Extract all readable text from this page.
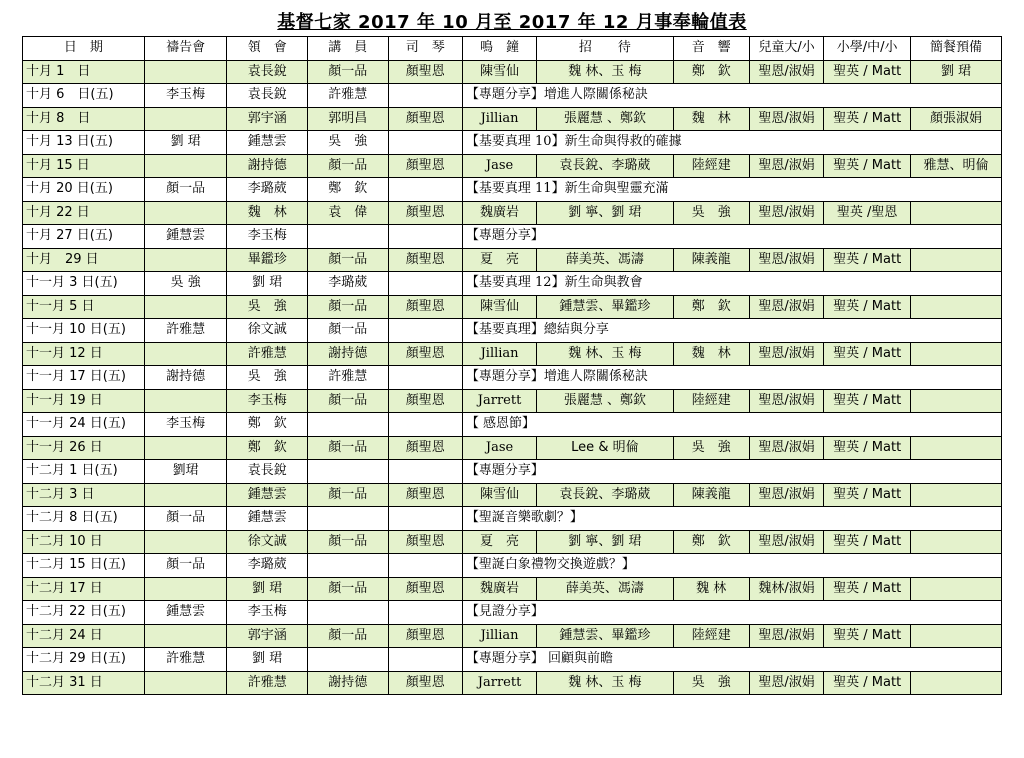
基督七家 2017 年 10 月至 2017 年 12 月事奉輪值表
日　期	禱告會	領　會	講　員	司　琴	鳴　鐘	招　　待	音　響	兒童大/小	小學/中/小	簡餐預備
十月 1　日		袁長銳	顏一品	顏聖恩	陳雪仙	魏 林、玉 梅	鄭　欽	聖恩/淑娟	聖英 / Matt	劉 珺
十月 6　日(五)	李玉梅	袁長銳	許雅慧		【專題分享】增進人際關係秘訣					
十月 8　日		郭宇涵	郭明昌	顏聖恩	Jillian	張麗慧 、鄭欽	魏　林	聖恩/淑娟	聖英 / Matt	顏張淑娟
十月 13 日(五)	劉 珺	鍾慧雲	吳　強		【基要真理 10】新生命與得救的確據					
十月 15 日		謝持德	顏一品	顏聖恩	Jase	袁長銳、李璐葳	陸經建	聖恩/淑娟	聖英 / Matt	雅慧、明倫
十月 20 日(五)	顏一品	李璐葳	鄭　欽		【基要真理 11】新生命與聖靈充滿					
十月 22 日		魏　林	袁　偉	顏聖恩	魏廣岩	劉 寧、劉 珺	吳　強	聖恩/淑娟	聖英 /聖恩	
十月 27 日(五)	鍾慧雲	李玉梅			【專題分享】					
十月　29 日		畢鑑珍	顏一品	顏聖恩	夏　亮	薛美英、馮濤	陳義龍	聖恩/淑娟	聖英 / Matt	
十一月 3 日(五)	吳 強	劉 珺	李璐葳		【基要真理 12】新生命與教會					
十一月 5 日		吳　強	顏一品	顏聖恩	陳雪仙	鍾慧雲、畢鑑珍	鄭　欽	聖恩/淑娟	聖英 / Matt	
十一月 10 日(五)	許雅慧	徐文誠	顏一品		【基要真理】總結與分享					
十一月 12 日		許雅慧	謝持德	顏聖恩	Jillian	魏 林、玉 梅	魏　林	聖恩/淑娟	聖英 / Matt	
十一月 17 日(五)	謝持德	吳　強	許雅慧		【專題分享】增進人際關係秘訣					
十一月 19 日		李玉梅	顏一品	顏聖恩	Jarrett	張麗慧 、鄭欽	陸經建	聖恩/淑娟	聖英 / Matt	
十一月 24 日(五)	李玉梅	鄭　欽			【 感恩節】					
十一月 26 日		鄭　欽	顏一品	顏聖恩	Jase	Lee & 明倫	吳　強	聖恩/淑娟	聖英 / Matt	
十二月 1 日(五)	劉珺	袁長銳			【專題分享】					
十二月 3 日		鍾慧雲	顏一品	顏聖恩	陳雪仙	袁長銳、李璐葳	陳義龍	聖恩/淑娟	聖英 / Matt	
十二月 8 日(五)	顏一品	鍾慧雲			【聖誕音樂歌劇？】					
十二月 10 日		徐文誠	顏一品	顏聖恩	夏　亮	劉 寧、劉 珺	鄭　欽	聖恩/淑娟	聖英 / Matt	
十二月 15 日(五)	顏一品	李璐葳			【聖誕白象禮物交換遊戲？】					
十二月 17 日		劉 珺	顏一品	顏聖恩	魏廣岩	薛美英、馮濤	魏 林	魏林/淑娟	聖英 / Matt	
十二月 22 日(五)	鍾慧雲	李玉梅			【見證分享】					
十二月 24 日		郭宇涵	顏一品	顏聖恩	Jillian	鍾慧雲、畢鑑珍	陸經建	聖恩/淑娟	聖英 / Matt	
十二月 29 日(五)	許雅慧	劉 珺			【專題分享】 回顧與前瞻					
十二月 31 日		許雅慧	謝持德	顏聖恩	Jarrett	魏 林、玉 梅	吳　強	聖恩/淑娟	聖英 / Matt	
